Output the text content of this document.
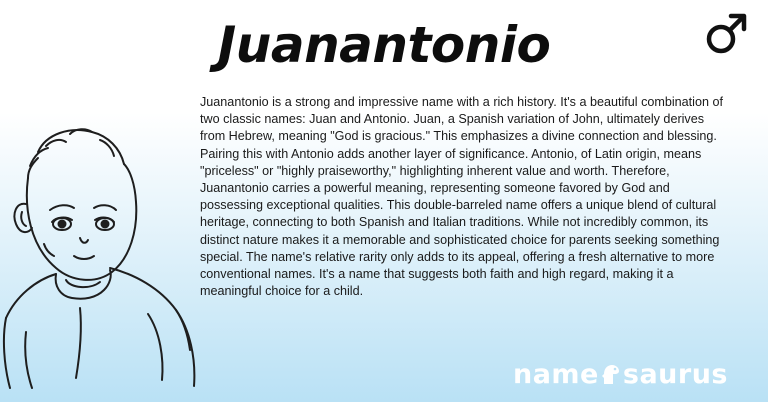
Juanantonio

Juanantonio is a strong and impressive name with a rich history. It's a beautiful combination of two classic names: Juan and Antonio. Juan, a Spanish variation of John, ultimately derives from Hebrew, meaning "God is gracious." This emphasizes a divine connection and blessing. Pairing this with Antonio adds another layer of significance. Antonio, of Latin origin, means "priceless" or "highly praiseworthy," highlighting inherent value and worth. Therefore, Juanantonio carries a powerful meaning, representing someone favored by God and possessing exceptional qualities. This double-barreled name offers a unique blend of cultural heritage, connecting to both Spanish and Italian traditions. While not incredibly common, its distinct nature makes it a memorable and sophisticated choice for parents seeking something special. The name's relative rarity only adds to its appeal, offering a fresh alternative to more conventional names. It's a name that suggests both faith and high regard, making it a meaningful choice for a child.

name saurus
